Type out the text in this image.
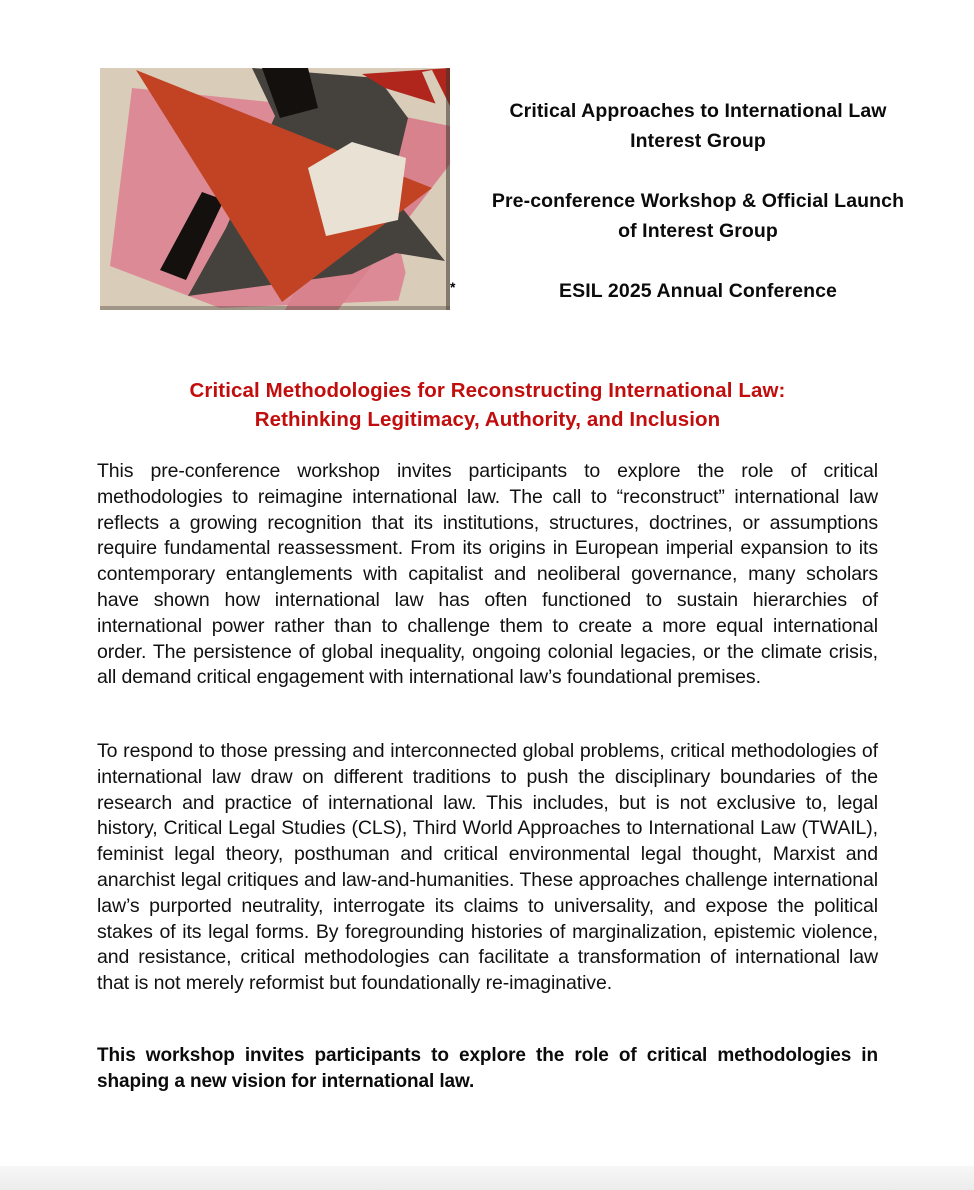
*
Critical Approaches to International Law Interest Group
Pre-conference Workshop & Official Launch of Interest Group
ESIL 2025 Annual Conference
Critical Methodologies for Reconstructing International Law:
Rethinking Legitimacy, Authority, and Inclusion

This pre-conference workshop invites participants to explore the role of critical methodologies to reimagine international law. The call to “reconstruct” international law reflects a growing recognition that its institutions, structures, doctrines, or assumptions require fundamental reassessment. From its origins in European imperial expansion to its contemporary entanglements with capitalist and neoliberal governance, many scholars have shown how international law has often functioned to sustain hierarchies of international power rather than to challenge them to create a more equal international order. The persistence of global inequality, ongoing colonial legacies, or the climate crisis, all demand critical engagement with international law’s foundational premises.

To respond to those pressing and interconnected global problems, critical methodologies of international law draw on different traditions to push the disciplinary boundaries of the research and practice of international law. This includes, but is not exclusive to, legal history, Critical Legal Studies (CLS), Third World Approaches to International Law (TWAIL), feminist legal theory, posthuman and critical environmental legal thought, Marxist and anarchist legal critiques and law-and-humanities. These approaches challenge international law’s purported neutrality, interrogate its claims to universality, and expose the political stakes of its legal forms. By foregrounding histories of marginalization, epistemic violence, and resistance, critical methodologies can facilitate a transformation of international law that is not merely reformist but foundationally re-imaginative.

This workshop invites participants to explore the role of critical methodologies in shaping a new vision for international law.
